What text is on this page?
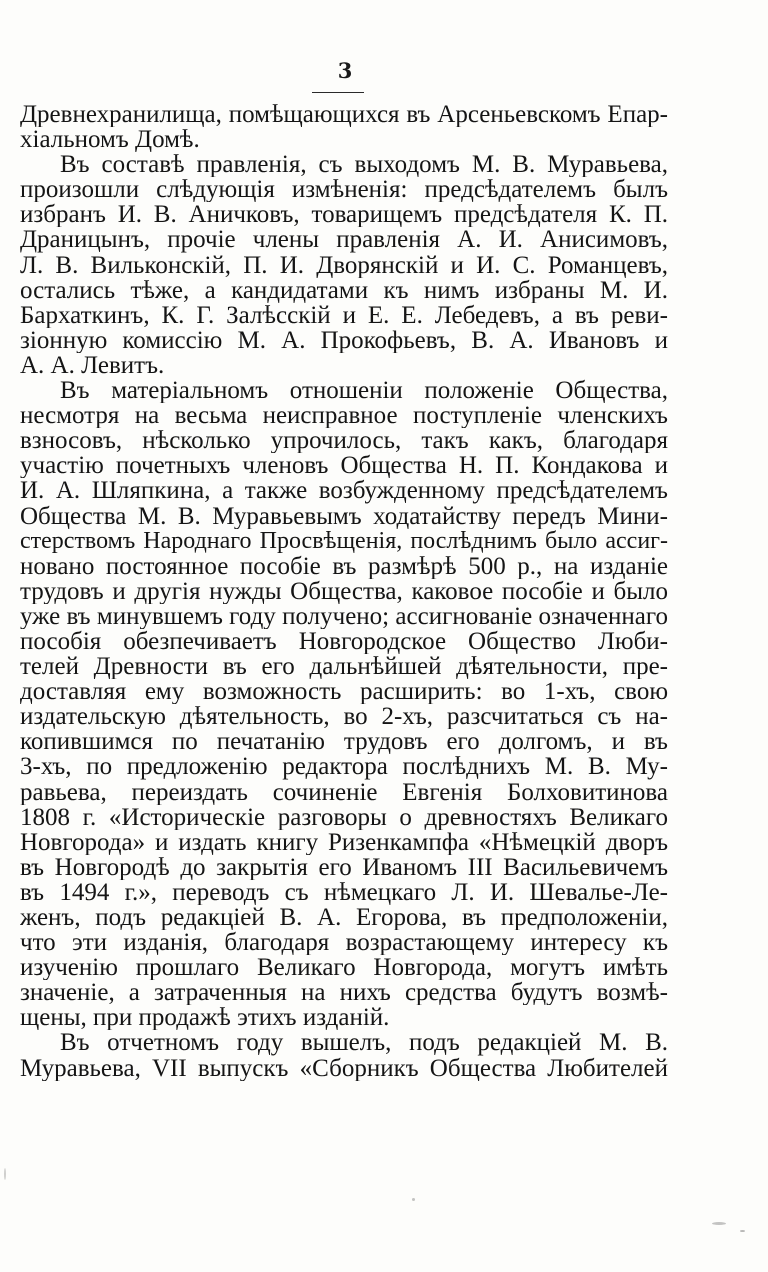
3
Древнехранилища, помѣщающихся въ Арсеньевскомъ Епар-
хіальномъ Домѣ.
Въ составѣ правленія, съ выходомъ М. В. Муравьева,
произошли слѣдующія измѣненія: предсѣдателемъ былъ
избранъ И. В. Аничковъ, товарищемъ предсѣдателя К. П.
Драницынъ, прочіе члены правленія А. И. Анисимовъ,
Л. В. Вильконскій, П. И. Дворянскій и И. С. Романцевъ,
остались тѣже, а кандидатами къ нимъ избраны М. И.
Бархаткинъ, К. Г. Залѣсскій и Е. Е. Лебедевъ, а въ реви-
зіонную комиссію М. А. Прокофьевъ, В. А. Ивановъ и
А. А. Левитъ.
Въ матеріальномъ отношеніи положеніе Общества,
несмотря на весьма неисправное поступленіе членскихъ
взносовъ, нѣсколько упрочилось, такъ какъ, благодаря
участію почетныхъ членовъ Общества Н. П. Кондакова и
И. А. Шляпкина, а также возбужденному предсѣдателемъ
Общества М. В. Муравьевымъ ходатайству передъ Мини-
стерствомъ Народнаго Просвѣщенія, послѣднимъ было ассиг-
новано постоянное пособіе въ размѣрѣ 500 р., на изданіе
трудовъ и другія нужды Общества, каковое пособіе и было
уже въ минувшемъ году получено; ассигнованіе означеннаго
пособія обезпечиваетъ Новгородское Общество Люби-
телей Древности въ его дальнѣйшей дѣятельности, пре-
доставляя ему возможность расширить: во 1-хъ, свою
издательскую дѣятельность, во 2-хъ, разсчитаться съ на-
копившимся по печатанію трудовъ его долгомъ, и въ
3-хъ, по предложенію редактора послѣднихъ М. В. Му-
равьева, переиздать сочиненіе Евгенія Болховитинова
1808 г. «Историческіе разговоры о древностяхъ Великаго
Новгорода» и издать книгу Ризенкампфа «Нѣмецкій дворъ
въ Новгородѣ до закрытія его Иваномъ III Васильевичемъ
въ 1494 г.», переводъ съ нѣмецкаго Л. И. Шевалье-Ле-
женъ, подъ редакціей В. А. Егорова, въ предположеніи,
что эти изданія, благодаря возрастающему интересу къ
изученію прошлаго Великаго Новгорода, могутъ имѣть
значеніе, а затраченныя на нихъ средства будутъ возмѣ-
щены, при продажѣ этихъ изданій.
Въ отчетномъ году вышелъ, подъ редакціей М. В.
Муравьева, VII выпускъ «Сборникъ Общества Любителей
